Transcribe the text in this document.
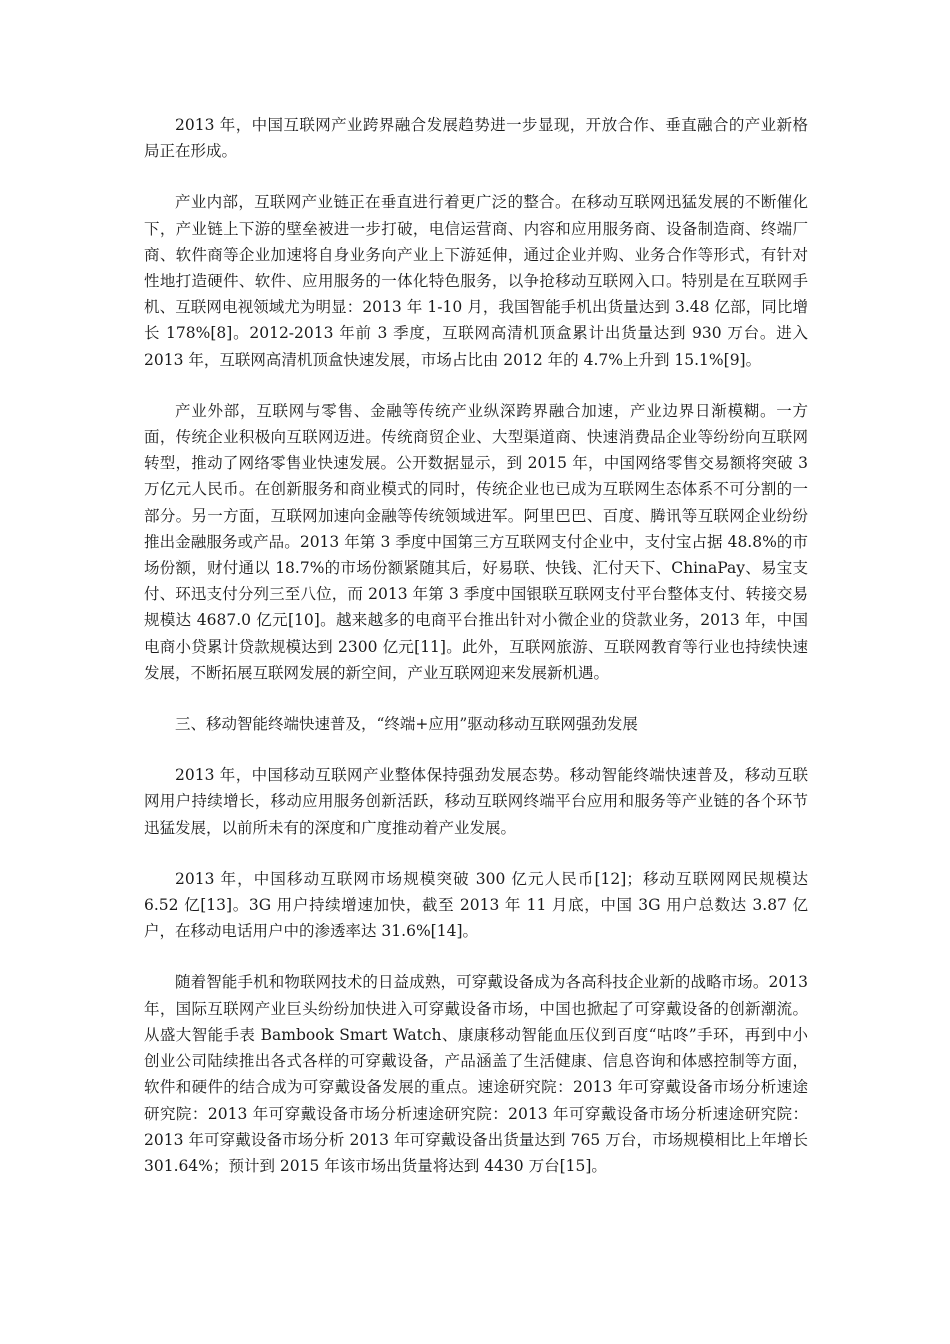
2013 年，中国互联网产业跨界融合发展趋势进一步显现，开放合作、垂直融合的产业新格局正在形成。

产业内部，互联网产业链正在垂直进行着更广泛的整合。在移动互联网迅猛发展的不断催化下，产业链上下游的壁垒被进一步打破，电信运营商、内容和应用服务商、设备制造商、终端厂商、软件商等企业加速将自身业务向产业上下游延伸，通过企业并购、业务合作等形式，有针对性地打造硬件、软件、应用服务的一体化特色服务，以争抢移动互联网入口。特别是在互联网手机、互联网电视领域尤为明显：2013 年 1-10 月，我国智能手机出货量达到 3.48 亿部，同比增长 178%[8]。2012-2013 年前 3 季度，互联网高清机顶盒累计出货量达到 930 万台。进入 2013 年，互联网高清机顶盒快速发展，市场占比由 2012 年的 4.7%上升到 15.1%[9]。

产业外部，互联网与零售、金融等传统产业纵深跨界融合加速，产业边界日渐模糊。一方面，传统企业积极向互联网迈进。传统商贸企业、大型渠道商、快速消费品企业等纷纷向互联网转型，推动了网络零售业快速发展。公开数据显示，到 2015 年，中国网络零售交易额将突破 3 万亿元人民币。在创新服务和商业模式的同时，传统企业也已成为互联网生态体系不可分割的一部分。另一方面，互联网加速向金融等传统领域进军。阿里巴巴、百度、腾讯等互联网企业纷纷推出金融服务或产品。2013 年第 3 季度中国第三方互联网支付企业中，支付宝占据 48.8%的市场份额，财付通以 18.7%的市场份额紧随其后，好易联、快钱、汇付天下、ChinaPay、易宝支付、环迅支付分列三至八位，而 2013 年第 3 季度中国银联互联网支付平台整体支付、转接交易规模达 4687.0 亿元[10]。越来越多的电商平台推出针对小微企业的贷款业务，2013 年，中国电商小贷累计贷款规模达到 2300 亿元[11]。此外，互联网旅游、互联网教育等行业也持续快速发展，不断拓展互联网发展的新空间，产业互联网迎来发展新机遇。

三、移动智能终端快速普及，“终端+应用”驱动移动互联网强劲发展

2013 年，中国移动互联网产业整体保持强劲发展态势。移动智能终端快速普及，移动互联网用户持续增长，移动应用服务创新活跃，移动互联网终端平台应用和服务等产业链的各个环节迅猛发展，以前所未有的深度和广度推动着产业发展。

2013 年，中国移动互联网市场规模突破 300 亿元人民币[12]；移动互联网网民规模达 6.52 亿[13]。3G 用户持续增速加快，截至 2013 年 11 月底，中国 3G 用户总数达 3.87 亿户，在移动电话用户中的渗透率达 31.6%[14]。

随着智能手机和物联网技术的日益成熟，可穿戴设备成为各高科技企业新的战略市场。2013 年，国际互联网产业巨头纷纷加快进入可穿戴设备市场，中国也掀起了可穿戴设备的创新潮流。从盛大智能手表 Bambook Smart Watch、康康移动智能血压仪到百度“咕咚”手环，再到中小创业公司陆续推出各式各样的可穿戴设备，产品涵盖了生活健康、信息咨询和体感控制等方面，软件和硬件的结合成为可穿戴设备发展的重点。速途研究院：2013 年可穿戴设备市场分析速途研究院：2013 年可穿戴设备市场分析速途研究院：2013 年可穿戴设备市场分析速途研究院：2013 年可穿戴设备市场分析 2013 年可穿戴设备出货量达到 765 万台，市场规模相比上年增长 301.64%；预计到 2015 年该市场出货量将达到 4430 万台[15]。
